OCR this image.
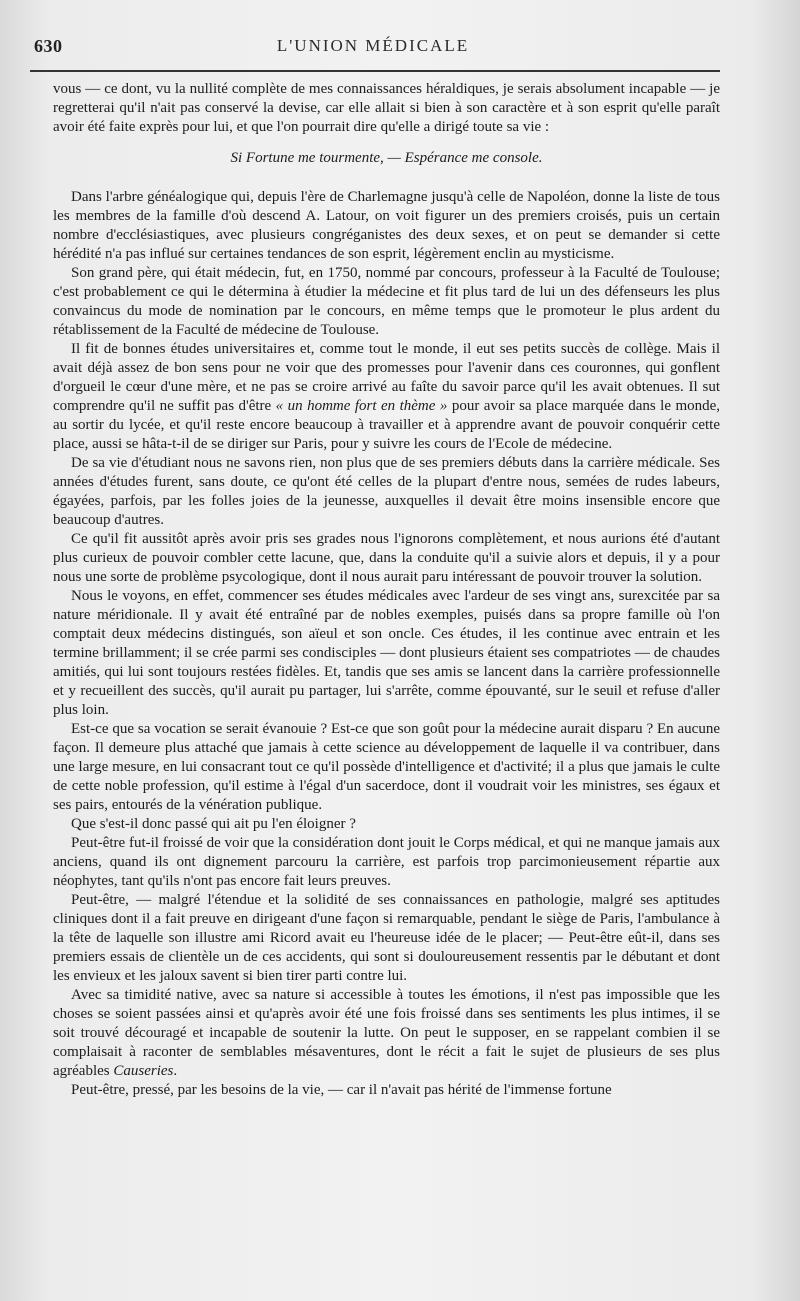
630	L'UNION MÉDICALE

vous — ce dont, vu la nullité complète de mes connaissances héraldiques, je serais absolument incapable — je regretterai qu'il n'ait pas conservé la devise, car elle allait si bien à son caractère et à son esprit qu'elle paraît avoir été faite exprès pour lui, et que l'on pourrait dire qu'elle a dirigé toute sa vie :

Si Fortune me tourmente, — Espérance me console.

Dans l'arbre généalogique qui, depuis l'ère de Charlemagne jusqu'à celle de Napoléon, donne la liste de tous les membres de la famille d'où descend A. Latour, on voit figurer un des premiers croisés, puis un certain nombre d'ecclésiastiques, avec plusieurs congréganistes des deux sexes, et on peut se demander si cette hérédité n'a pas influé sur certaines tendances de son esprit, légèrement enclin au mysticisme.

Son grand père, qui était médecin, fut, en 1750, nommé par concours, professeur à la Faculté de Toulouse; c'est probablement ce qui le détermina à étudier la médecine et fit plus tard de lui un des défenseurs les plus convaincus du mode de nomination par le concours, en même temps que le promoteur le plus ardent du rétablissement de la Faculté de médecine de Toulouse.

Il fit de bonnes études universitaires et, comme tout le monde, il eut ses petits succès de collège. Mais il avait déjà assez de bon sens pour ne voir que des promesses pour l'avenir dans ces couronnes, qui gonflent d'orgueil le cœur d'une mère, et ne pas se croire arrivé au faîte du savoir parce qu'il les avait obtenues. Il sut comprendre qu'il ne suffit pas d'être « un homme fort en thème » pour avoir sa place marquée dans le monde, au sortir du lycée, et qu'il reste encore beaucoup à travailler et à apprendre avant de pouvoir conquérir cette place, aussi se hâta-t-il de se diriger sur Paris, pour y suivre les cours de l'Ecole de médecine.

De sa vie d'étudiant nous ne savons rien, non plus que de ses premiers débuts dans la carrière médicale. Ses années d'études furent, sans doute, ce qu'ont été celles de la plupart d'entre nous, semées de rudes labeurs, égayées, parfois, par les folles joies de la jeunesse, auxquelles il devait être moins insensible encore que beaucoup d'autres.

Ce qu'il fit aussitôt après avoir pris ses grades nous l'ignorons complètement, et nous aurions été d'autant plus curieux de pouvoir combler cette lacune, que, dans la conduite qu'il a suivie alors et depuis, il y a pour nous une sorte de problème psycologique, dont il nous aurait paru intéressant de pouvoir trouver la solution.

Nous le voyons, en effet, commencer ses études médicales avec l'ardeur de ses vingt ans, surexcitée par sa nature méridionale. Il y avait été entraîné par de nobles exemples, puisés dans sa propre famille où l'on comptait deux médecins distingués, son aïeul et son oncle. Ces études, il les continue avec entrain et les termine brillamment; il se crée parmi ses condisciples — dont plusieurs étaient ses compatriotes — de chaudes amitiés, qui lui sont toujours restées fidèles. Et, tandis que ses amis se lancent dans la carrière professionnelle et y recueillent des succès, qu'il aurait pu partager, lui s'arrête, comme épouvanté, sur le seuil et refuse d'aller plus loin.

Est-ce que sa vocation se serait évanouie ? Est-ce que son goût pour la médecine aurait disparu ? En aucune façon. Il demeure plus attaché que jamais à cette science au développement de laquelle il va contribuer, dans une large mesure, en lui consacrant tout ce qu'il possède d'intelligence et d'activité; il a plus que jamais le culte de cette noble profession, qu'il estime à l'égal d'un sacerdoce, dont il voudrait voir les ministres, ses égaux et ses pairs, entourés de la vénération publique.

Que s'est-il donc passé qui ait pu l'en éloigner ?

Peut-être fut-il froissé de voir que la considération dont jouit le Corps médical, et qui ne manque jamais aux anciens, quand ils ont dignement parcouru la carrière, est parfois trop parcimonieusement répartie aux néophytes, tant qu'ils n'ont pas encore fait leurs preuves.

Peut-être, — malgré l'étendue et la solidité de ses connaissances en pathologie, malgré ses aptitudes cliniques dont il a fait preuve en dirigeant d'une façon si remarquable, pendant le siège de Paris, l'ambulance à la tête de laquelle son illustre ami Ricord avait eu l'heureuse idée de le placer; — Peut-être eût-il, dans ses premiers essais de clientèle un de ces accidents, qui sont si douloureusement ressentis par le débutant et dont les envieux et les jaloux savent si bien tirer parti contre lui.

Avec sa timidité native, avec sa nature si accessible à toutes les émotions, il n'est pas impossible que les choses se soient passées ainsi et qu'après avoir été une fois froissé dans ses sentiments les plus intimes, il se soit trouvé découragé et incapable de soutenir la lutte. On peut le supposer, en se rappelant combien il se complaisait à raconter de semblables mésaventures, dont le récit a fait le sujet de plusieurs de ses plus agréables Causeries.

Peut-être, pressé, par les besoins de la vie, — car il n'avait pas hérité de l'immense fortune
